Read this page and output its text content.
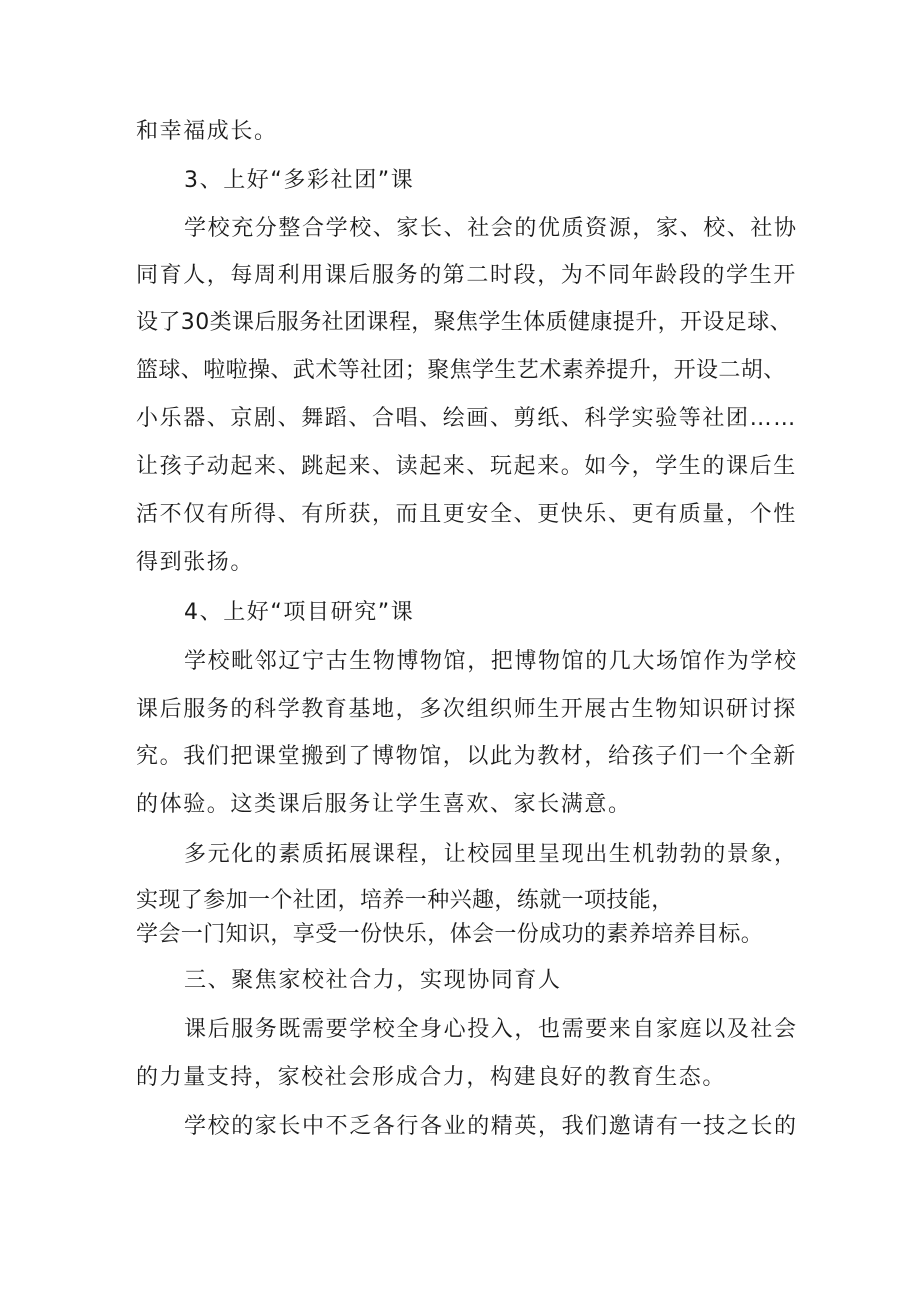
和幸福成长。
3、上好“多彩社团”课
学校充分整合学校、家长、社会的优质资源，家、校、社协
同育人，每周利用课后服务的第二时段，为不同年龄段的学生开
设了30类课后服务社团课程，聚焦学生体质健康提升，开设足球、
篮球、啦啦操、武术等社团；聚焦学生艺术素养提升，开设二胡、
小乐器、京剧、舞蹈、合唱、绘画、剪纸、科学实验等社团……
让孩子动起来、跳起来、读起来、玩起来。如今，学生的课后生
活不仅有所得、有所获，而且更安全、更快乐、更有质量，个性
得到张扬。
4、上好“项目研究”课
学校毗邻辽宁古生物博物馆，把博物馆的几大场馆作为学校
课后服务的科学教育基地，多次组织师生开展古生物知识研讨探
究。我们把课堂搬到了博物馆，以此为教材，给孩子们一个全新
的体验。这类课后服务让学生喜欢、家长满意。
多元化的素质拓展课程，让校园里呈现出生机勃勃的景象，
实现了参加一个社团，培养一种兴趣，练就一项技能，
学会一门知识，享受一份快乐，体会一份成功的素养培养目标。
三、聚焦家校社合力，实现协同育人
课后服务既需要学校全身心投入，也需要来自家庭以及社会
的力量支持，家校社会形成合力，构建良好的教育生态。
学校的家长中不乏各行各业的精英，我们邀请有一技之长的
